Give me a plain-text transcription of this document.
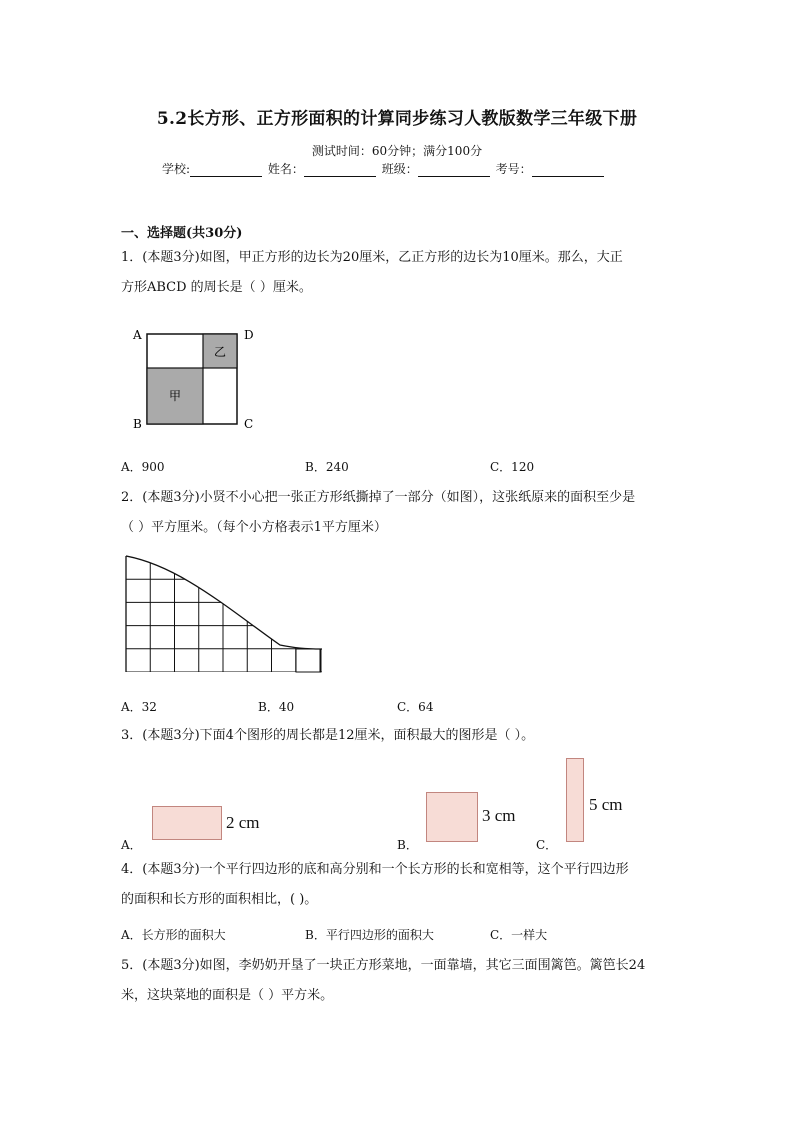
5.2长方形、正方形面积的计算同步练习人教版数学三年级下册
测试时间：60分钟；满分100分
学校:	姓名：	班级：	考号：
一、选择题(共30分)
1．(本题3分)如图，甲正方形的边长为20厘米，乙正方形的边长为10厘米。那么，大正
方形ABCD 的周长是（ ）厘米。
乙
甲
A	D
B	C
A．900	B．240	C．120
2．(本题3分)小贤不小心把一张正方形纸撕掉了一部分（如图），这张纸原来的面积至少是
（ ）平方厘米。（每个小方格表示1平方厘米）
A．32	B．40	C．64
3．(本题3分)下面4个图形的周长都是12厘米，面积最大的图形是（ ）。
A．
2 cm
B．
3 cm
C．
5 cm
4．(本题3分)一个平行四边形的底和高分别和一个长方形的长和宽相等，这个平行四边形
的面积和长方形的面积相比，( )。
A．长方形的面积大	B．平行四边形的面积大	C．一样大
5．(本题3分)如图，李奶奶开垦了一块正方形菜地，一面靠墙，其它三面围篱笆。篱笆长24
米，这块菜地的面积是（ ）平方米。
